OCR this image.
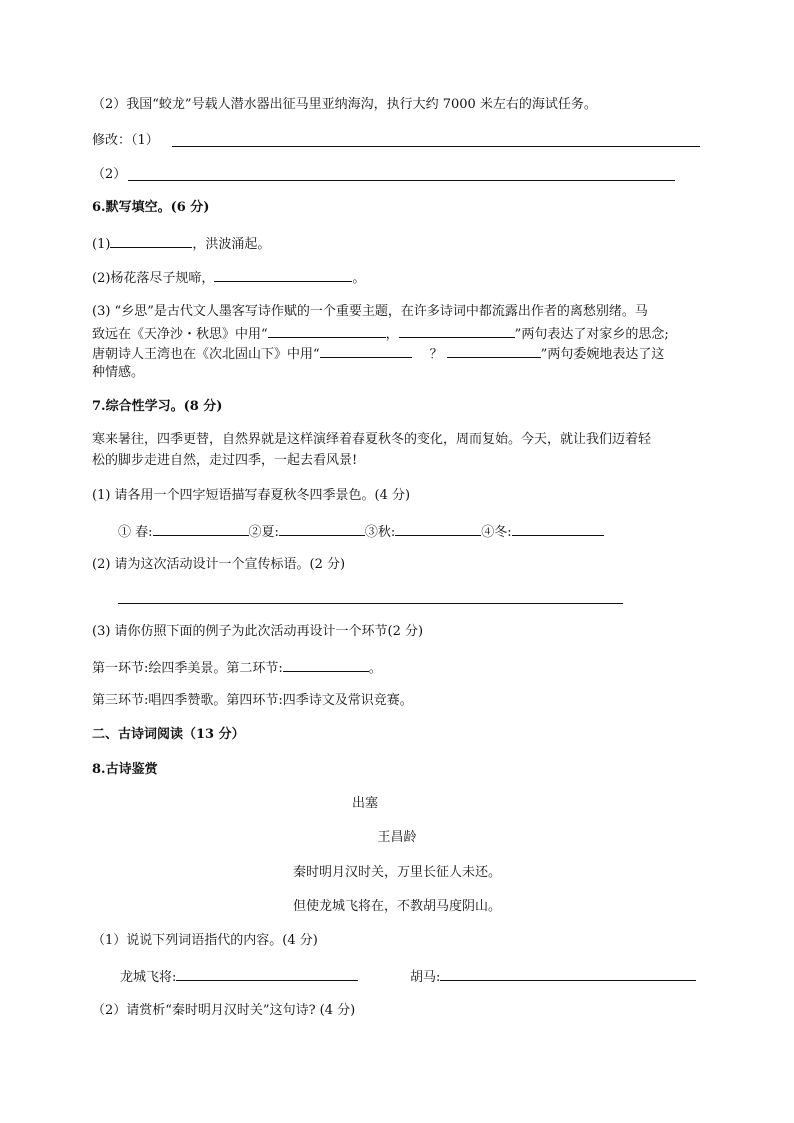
（2）我国“蛟龙”号载人潜水器出征马里亚纳海沟，执行大约 7000 米左右的海试任务。
修改：（1）
（2）
6.默写填空。(6 分)
(1)	，洪波涌起。
(2)杨花落尽子规啼，	。
(3) “乡思”是古代文人墨客写诗作赋的一个重要主题，在许多诗词中都流露出作者的离愁别绪。马
致远在《天净沙・秋思》中用“	，	”两句表达了对家乡的思念;
唐朝诗人王湾也在《次北固山下》中用“	？	”两句委婉地表达了这
种情感。
7.综合性学习。(8 分)
寒来暑往，四季更替，自然界就是这样演绎着春夏秋冬的变化，周而复始。今天，就让我们迈着轻
松的脚步走进自然，走过四季，一起去看风景!
(1) 请各用一个四字短语描写春夏秋冬四季景色。(4 分)
① 春:	②夏:	③秋:	④冬:
(2) 请为这次活动设计一个宣传标语。(2 分)
(3) 请你仿照下面的例子为此次活动再设计一个环节(2 分)
第一环节:绘四季美景。第二环节:	。
第三环节:唱四季赞歌。第四环节:四季诗文及常识竞赛。
二、古诗词阅读（13 分）
8.古诗鉴赏
出塞
王昌龄
秦时明月汉时关，万里长征人未还。
但使龙城飞将在，不教胡马度阴山。
（1）说说下列词语指代的内容。(4 分)
龙城飞将:	胡马:
（2）请赏析“秦时明月汉时关”这句诗? (4 分)
